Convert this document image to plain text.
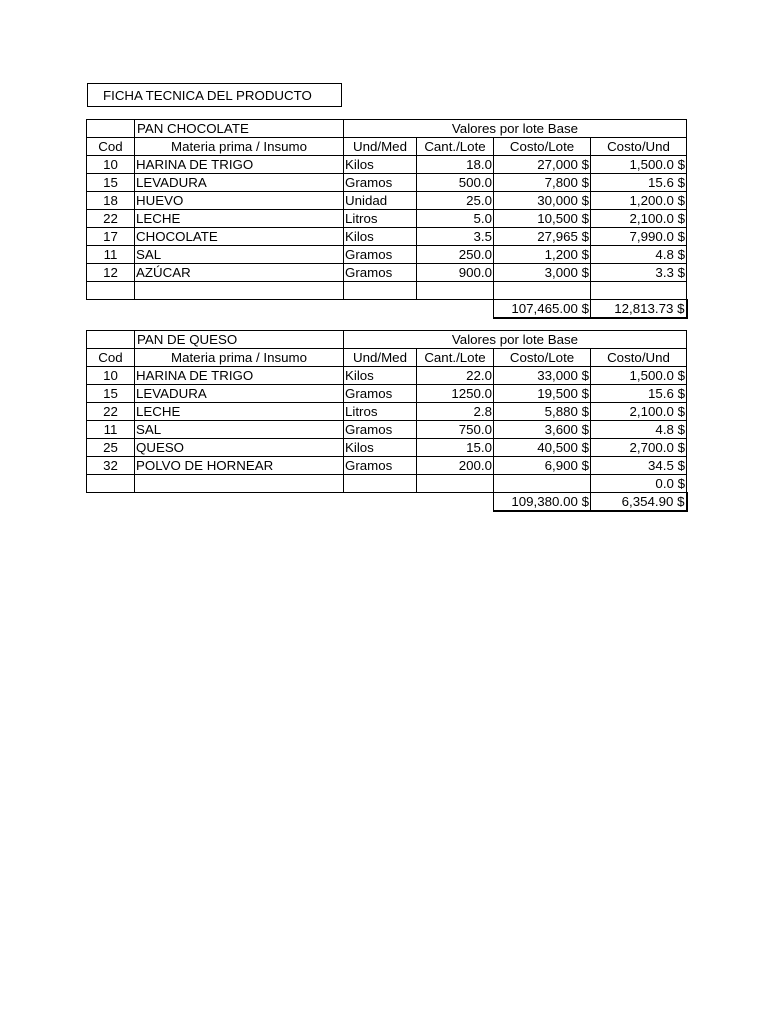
FICHA TECNICA DEL PRODUCTO
	PAN CHOCOLATE	Valores por lote Base			
Cod	Materia prima / Insumo	Und/Med	Cant./Lote	Costo/Lote	Costo/Und
10	HARINA DE TRIGO	Kilos	18.0	27,000 $	1,500.0 $
15	LEVADURA	Gramos	500.0	7,800 $	15.6 $
18	HUEVO	Unidad	25.0	30,000 $	1,200.0 $
22	LECHE	Litros	5.0	10,500 $	2,100.0 $
17	CHOCOLATE	Kilos	3.5	27,965 $	7,990.0 $
11	SAL	Gramos	250.0	1,200 $	4.8 $
12	AZÚCAR	Gramos	900.0	3,000 $	3.3 $

				107,465.00 $	12,813.73 $
	PAN DE QUESO	Valores por lote Base			
Cod	Materia prima / Insumo	Und/Med	Cant./Lote	Costo/Lote	Costo/Und
10	HARINA DE TRIGO	Kilos	22.0	33,000 $	1,500.0 $
15	LEVADURA	Gramos	1250.0	19,500 $	15.6 $
22	LECHE	Litros	2.8	5,880 $	2,100.0 $
11	SAL	Gramos	750.0	3,600 $	4.8 $
25	QUESO	Kilos	15.0	40,500 $	2,700.0 $
32	POLVO DE HORNEAR	Gramos	200.0	6,900 $	34.5 $
					0.0 $
				109,380.00 $	6,354.90 $
